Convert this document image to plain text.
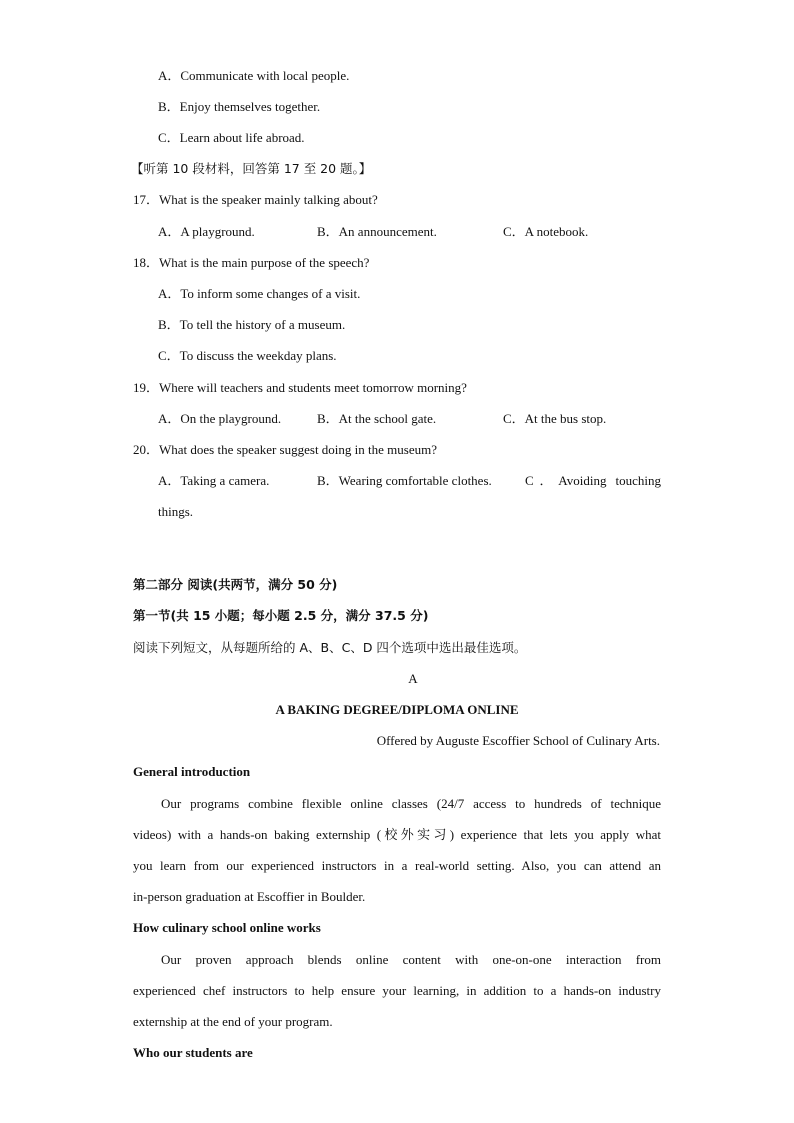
A．Communicate with local people.
B．Enjoy themselves together.
C．Learn about life abroad.
【听第 10 段材料，回答第 17 至 20 题。】
17．What is the speaker mainly talking about?
A．A playground.	B．An announcement.	C．A notebook.
18．What is the main purpose of the speech?
A．To inform some changes of a visit.
B．To tell the history of a museum.
C．To discuss the weekday plans.
19．Where will teachers and students meet tomorrow morning?
A．On the playground.	B．At the school gate.	C．At the bus stop.
20．What does the speaker suggest doing in the museum?
A．Taking a camera.	B．Wearing comfortable clothes.	C．Avoiding touching
things.
第二部分 阅读(共两节，满分 50 分)
第一节(共 15 小题；每小题 2.5 分，满分 37.5 分)
阅读下列短文，从每题所给的 A、B、C、D 四个选项中选出最佳选项。
A
A BAKING DEGREE/DIPLOMA ONLINE
Offered by Auguste Escoffier School of Culinary Arts.
General introduction
Our programs combine flexible online classes (24/7 access to hundreds of technique
videos) with a hands-on baking externship (校外实习) experience that lets you apply what
you learn from our experienced instructors in a real-world setting. Also, you can attend an
in-person graduation at Escoffier in Boulder.
How culinary school online works
Our proven approach blends online content with one-on-one interaction from
experienced chef instructors to help ensure your learning, in addition to a hands-on industry
externship at the end of your program.
Who our students are
